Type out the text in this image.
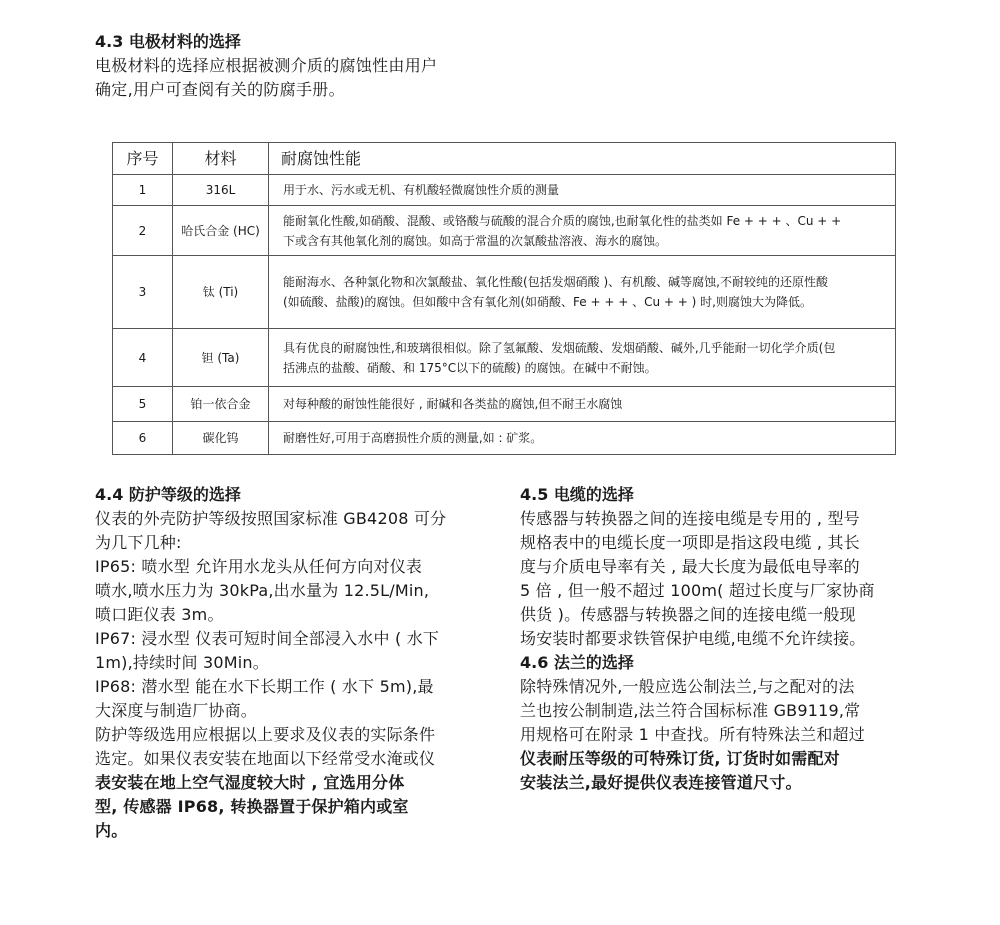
4.3 电极材料的选择

电极材料的选择应根据被测介质的腐蚀性由用户

确定,用户可查阅有关的防腐手册。

序号	材料	耐腐蚀性能
1	316L	用于水、污水或无机、有机酸轻微腐蚀性介质的测量

2	哈氏合金 (HC)	能耐氧化性酸,如硝酸、混酸、或铬酸与硫酸的混合介质的腐蚀,也耐氧化性的盐类如 Fe + + + 、Cu + +
下或含有其他氧化剂的腐蚀。如高于常温的次氯酸盐溶液、海水的腐蚀。

3	钛 (Ti)	能耐海水、各种氯化物和次氯酸盐、氧化性酸(包括发烟硝酸 )、有机酸、碱等腐蚀,不耐较纯的还原性酸
(如硫酸、盐酸)的腐蚀。但如酸中含有氧化剂(如硝酸、Fe + + + 、Cu + + ) 时,则腐蚀大为降低。

4	钽 (Ta)	具有优良的耐腐蚀性,和玻璃很相似。除了氢氟酸、发烟硫酸、发烟硝酸、碱外,几乎能耐一切化学介质(包
括沸点的盐酸、硝酸、和 175°C以下的硫酸) 的腐蚀。在碱中不耐蚀。

5	铂一依合金	对每种酸的耐蚀性能很好 , 耐碱和各类盐的腐蚀,但不耐王水腐蚀

6	碳化钨	耐磨性好,可用于高磨损性介质的测量,如 : 矿浆。

4.4 防护等级的选择

仪表的外壳防护等级按照国家标准 GB4208 可分

为几下几种:

IP65: 喷水型 允许用水龙头从任何方向对仪表

喷水,喷水压力为 30kPa,出水量为 12.5L/Min,

喷口距仪表 3m。

IP67: 浸水型 仪表可短时间全部浸入水中 ( 水下

1m),持续时间 30Min。

IP68: 潜水型 能在水下长期工作 ( 水下 5m),最

大深度与制造厂协商。

防护等级选用应根据以上要求及仪表的实际条件

选定。如果仪表安装在地面以下经常受水淹或仪

表安装在地上空气湿度较大时 , 宜选用分体

型, 传感器 IP68, 转换器置于保护箱内或室

内。

4.5 电缆的选择

传感器与转换器之间的连接电缆是专用的 , 型号

规格表中的电缆长度一项即是指这段电缆 , 其长

度与介质电导率有关 , 最大长度为最低电导率的

5 倍 , 但一般不超过 100m( 超过长度与厂家协商

供货 )。传感器与转换器之间的连接电缆一般现

场安装时都要求铁管保护电缆,电缆不允许续接。

4.6 法兰的选择

除特殊情况外,一般应选公制法兰,与之配对的法

兰也按公制制造,法兰符合国标标准 GB9119,常

用规格可在附录 1 中查找。所有特殊法兰和超过

仪表耐压等级的可特殊订货, 订货时如需配对

安装法兰,最好提供仪表连接管道尺寸。
